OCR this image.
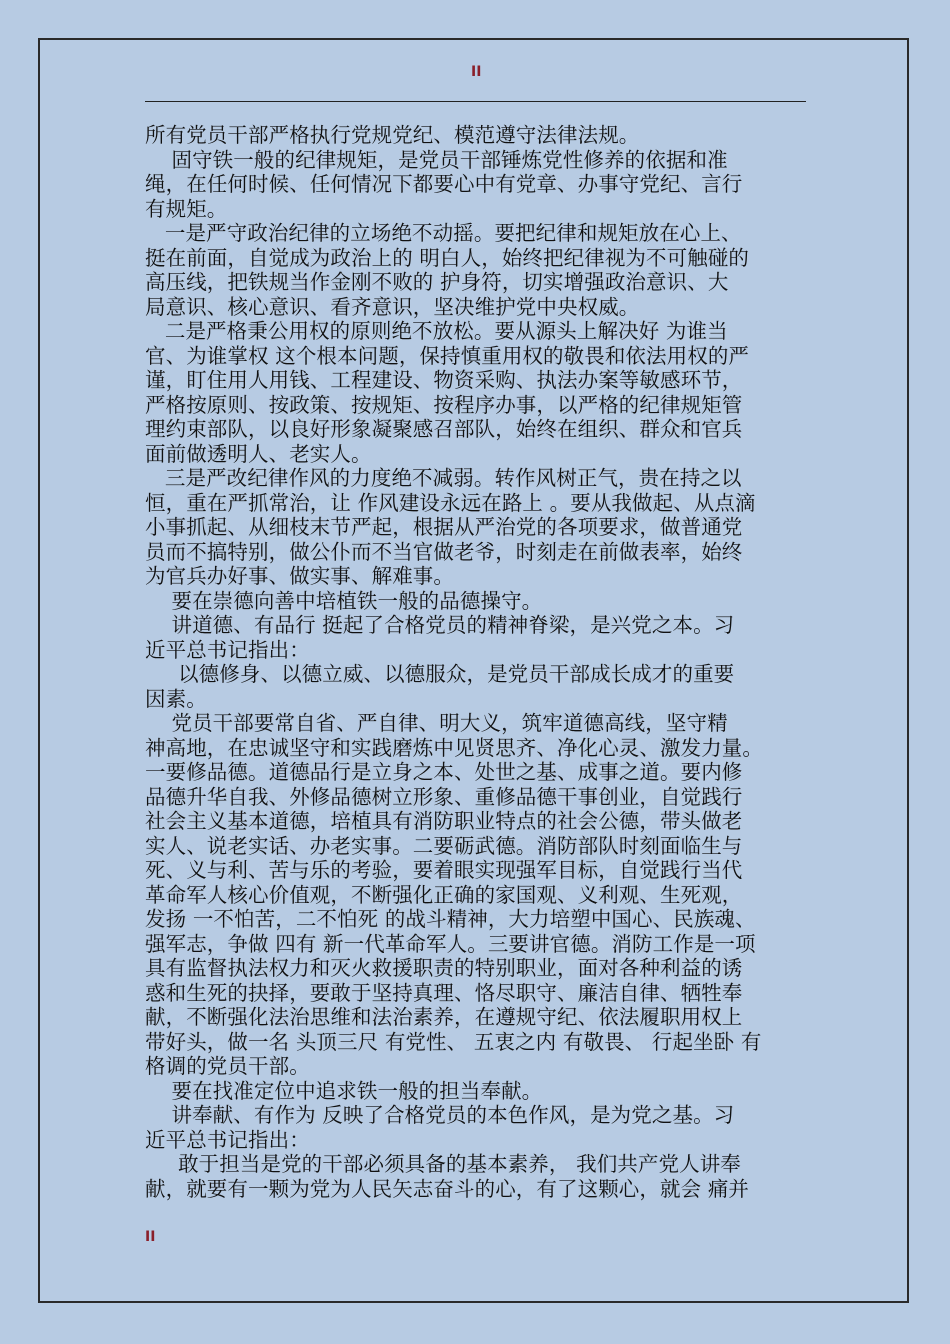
II
所有党员干部严格执行党规党纪、模范遵守法律法规。
固守铁一般的纪律规矩，是党员干部锤炼党性修养的依据和准
绳，在任何时候、任何情况下都要心中有党章、办事守党纪、言行
有规矩。
一是严守政治纪律的立场绝不动摇。要把纪律和规矩放在心上、
挺在前面，自觉成为政治上的 明白人，始终把纪律视为不可触碰的
高压线，把铁规当作金刚不败的 护身符，切实增强政治意识、大
局意识、核心意识、看齐意识，坚决维护党中央权威。
二是严格秉公用权的原则绝不放松。要从源头上解决好 为谁当
官、为谁掌权 这个根本问题，保持慎重用权的敬畏和依法用权的严
谨，盯住用人用钱、工程建设、物资采购、执法办案等敏感环节，
严格按原则、按政策、按规矩、按程序办事，以严格的纪律规矩管
理约束部队，以良好形象凝聚感召部队，始终在组织、群众和官兵
面前做透明人、老实人。
三是严改纪律作风的力度绝不减弱。转作风树正气，贵在持之以
恒，重在严抓常治，让 作风建设永远在路上 。要从我做起、从点滴
小事抓起、从细枝末节严起，根据从严治党的各项要求，做普通党
员而不搞特别，做公仆而不当官做老爷，时刻走在前做表率，始终
为官兵办好事、做实事、解难事。
要在崇德向善中培植铁一般的品德操守。
讲道德、有品行 挺起了合格党员的精神脊梁，是兴党之本。习
近平总书记指出：
以德修身、以德立威、以德服众，是党员干部成长成才的重要
因素。
党员干部要常自省、严自律、明大义，筑牢道德高线，坚守精
神高地，在忠诚坚守和实践磨炼中见贤思齐、净化心灵、激发力量。
一要修品德。道德品行是立身之本、处世之基、成事之道。要内修
品德升华自我、外修品德树立形象、重修品德干事创业，自觉践行
社会主义基本道德，培植具有消防职业特点的社会公德，带头做老
实人、说老实话、办老实事。二要砺武德。消防部队时刻面临生与
死、义与利、苦与乐的考验，要着眼实现强军目标，自觉践行当代
革命军人核心价值观，不断强化正确的家国观、义利观、生死观，
发扬 一不怕苦，二不怕死 的战斗精神，大力培塑中国心、民族魂、
强军志，争做 四有 新一代革命军人。三要讲官德。消防工作是一项
具有监督执法权力和灭火救援职责的特别职业，面对各种利益的诱
惑和生死的抉择，要敢于坚持真理、恪尽职守、廉洁自律、牺牲奉
献，不断强化法治思维和法治素养，在遵规守纪、依法履职用权上
带好头，做一名 头顶三尺 有党性、 五衷之内 有敬畏、 行起坐卧 有
格调的党员干部。
要在找准定位中追求铁一般的担当奉献。
讲奉献、有作为 反映了合格党员的本色作风，是为党之基。习
近平总书记指出：
敢于担当是党的干部必须具备的基本素养， 我们共产党人讲奉
献，就要有一颗为党为人民矢志奋斗的心，有了这颗心，就会 痛并
II
